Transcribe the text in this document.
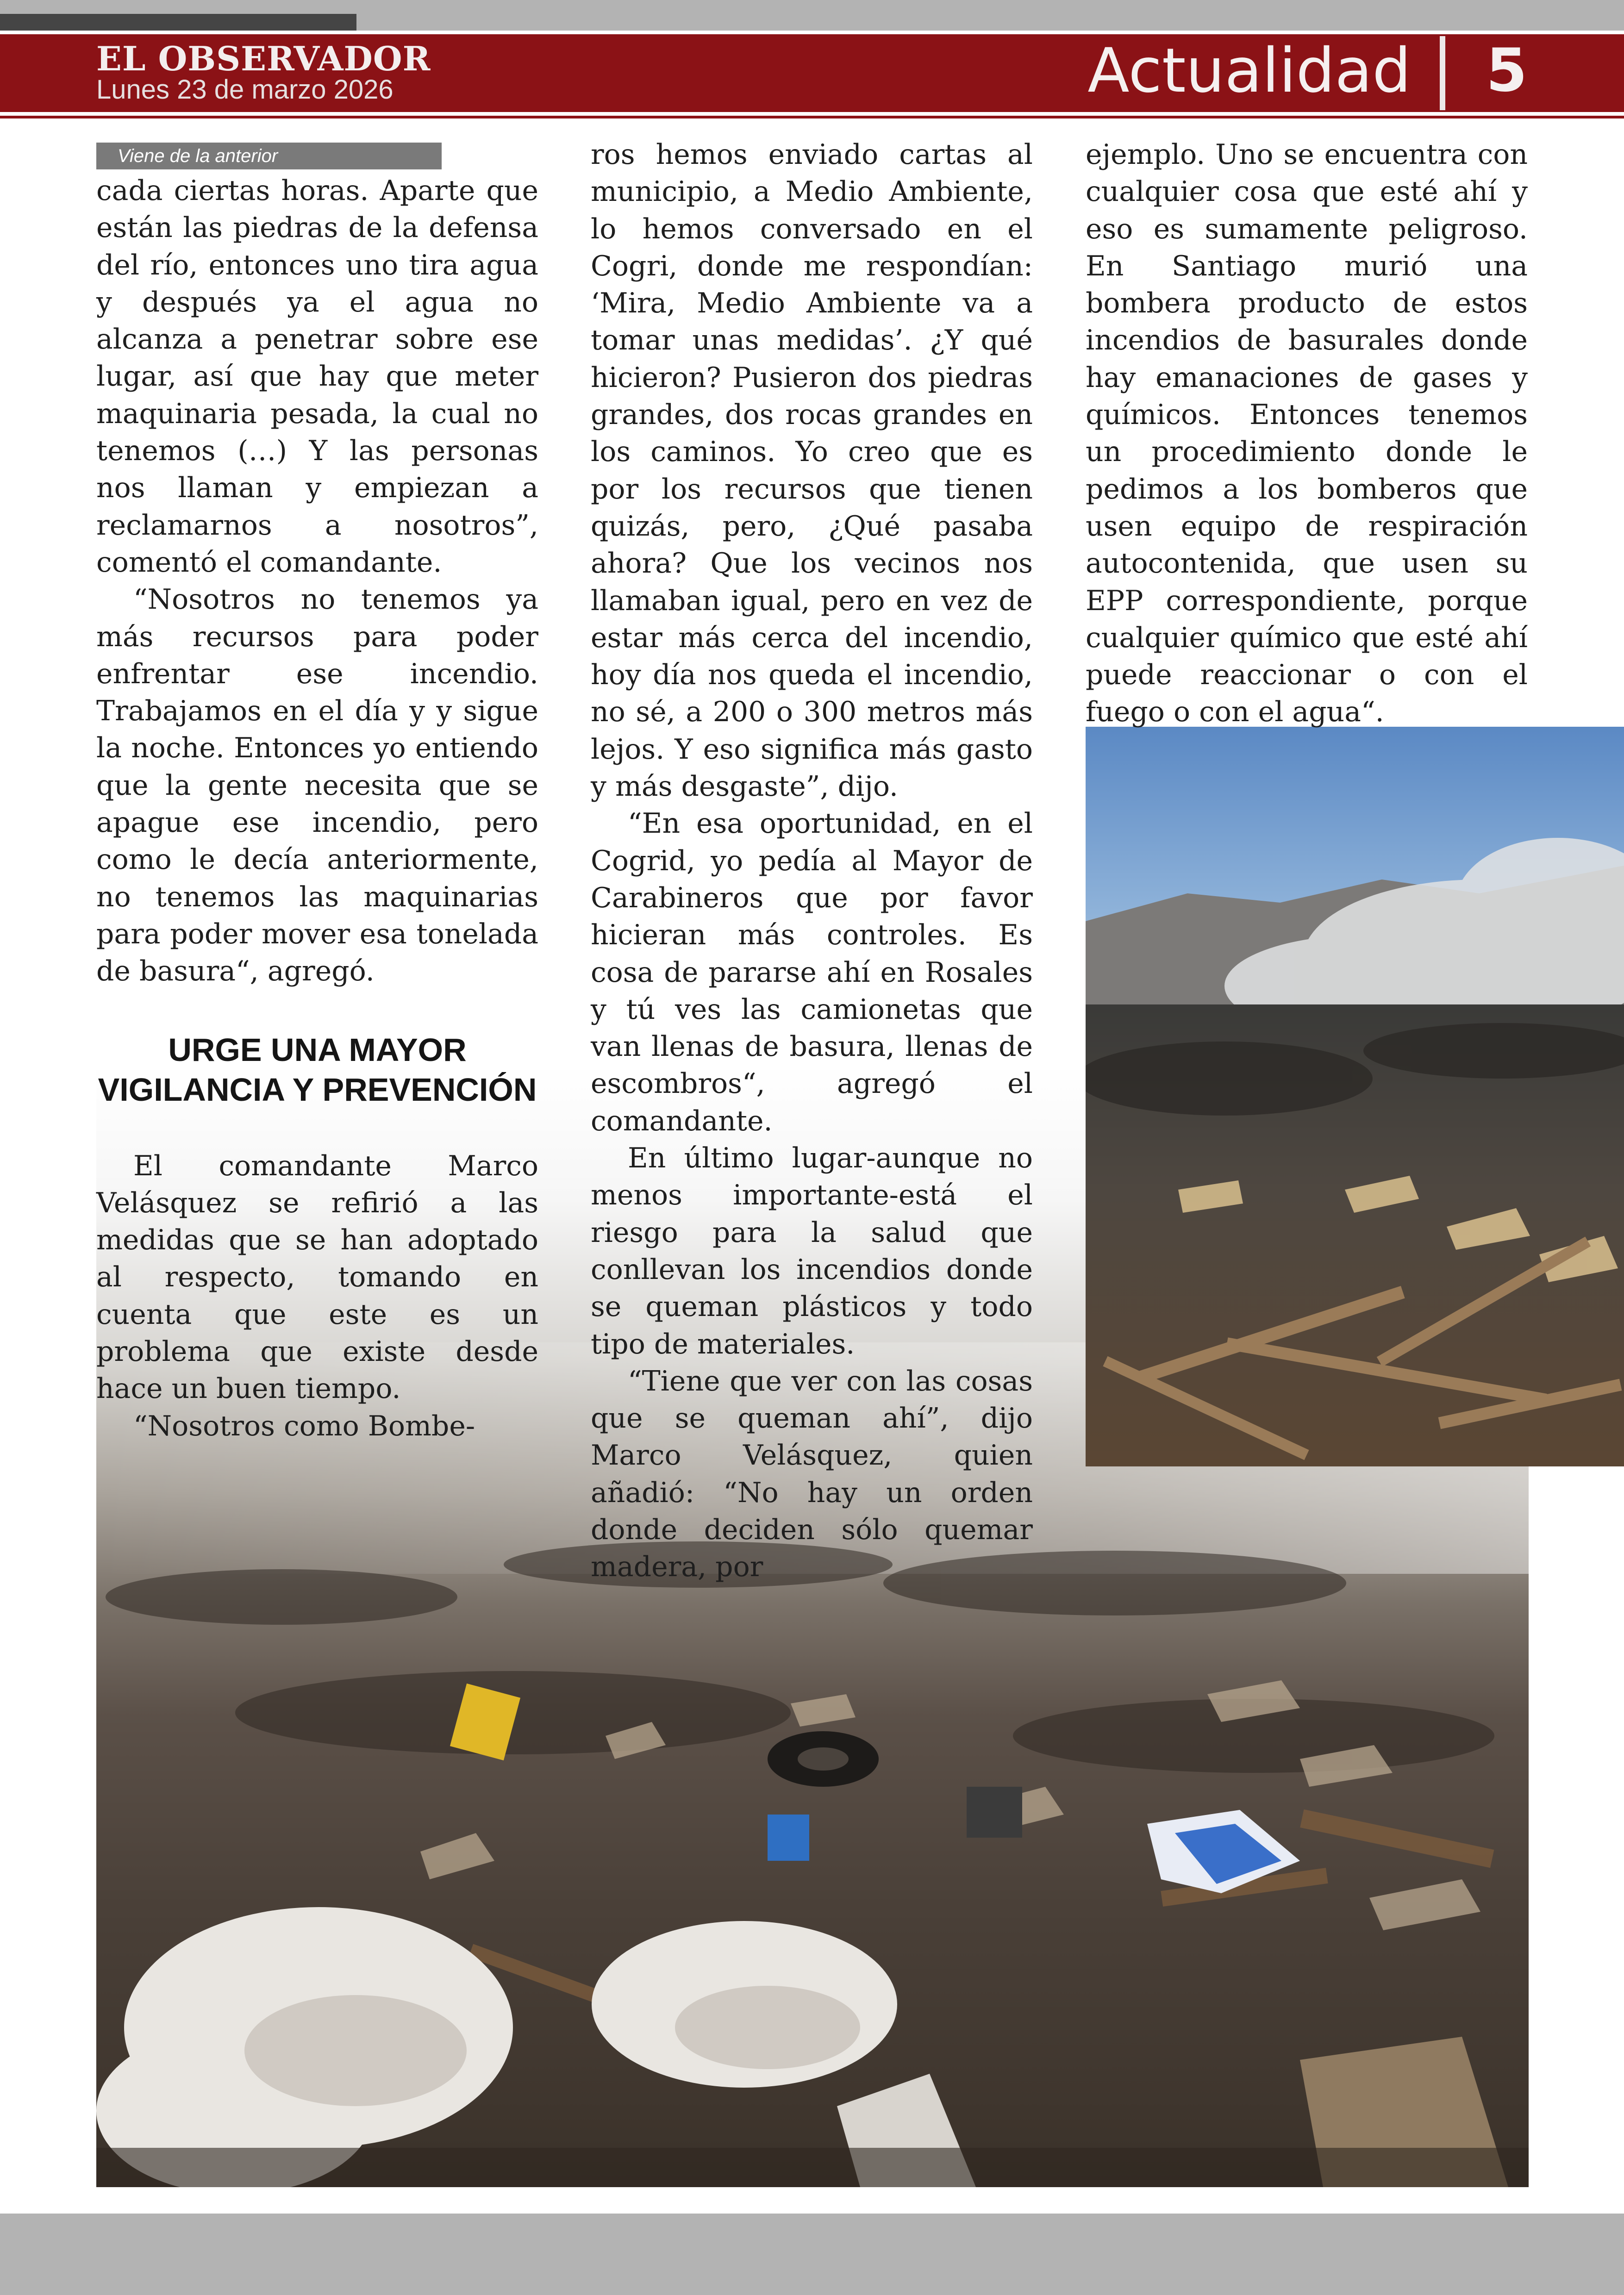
EL OBSERVADOR
Lunes 23 de marzo 2026	Actualidad 5
Viene de la anterior

cada ciertas horas. Aparte que están las piedras de la defensa del río, entonces uno tira agua y después ya el agua no alcanza a penetrar sobre ese lugar, así que hay que meter maquinaria pesada, la cual no tenemos (…) Y las personas nos llaman y empiezan a reclamarnos a nosotros”, comentó el comandante.

“Nosotros no tenemos ya más recursos para poder enfrentar ese incendio. Trabajamos en el día y y sigue la noche. Entonces yo entiendo que la gente necesita que se apague ese incendio, pero como le decía anteriormente, no tenemos las maquinarias para poder mover esa tonelada de basura“, agregó.

URGE UNA MAYOR VIGILANCIA Y PREVENCIÓN

El comandante Marco Velásquez se refirió a las medidas que se han adoptado al respecto, tomando en cuenta que este es un problema que existe desde hace un buen tiempo.

“Nosotros como Bombe-

ros hemos enviado cartas al municipio, a Medio Ambiente, lo hemos conversado en el Cogri, donde me respondían: ‘Mira, Medio Ambiente va a tomar unas medidas’. ¿Y qué hicieron? Pusieron dos piedras grandes, dos rocas grandes en los caminos. Yo creo que es por los recursos que tienen quizás, pero, ¿Qué pasaba ahora? Que los vecinos nos llamaban igual, pero en vez de estar más cerca del incendio, hoy día nos queda el incendio, no sé, a 200 o 300 metros más lejos. Y eso significa más gasto y más desgaste”, dijo.

“En esa oportunidad, en el Cogrid, yo pedía al Mayor de Carabineros que por favor hicieran más controles. Es cosa de pararse ahí en Rosales y tú ves las camionetas que van llenas de basura, llenas de escombros“, agregó el comandante.

En último lugar-aunque no menos importante-está el riesgo para la salud que conllevan los incendios donde se queman plásticos y todo tipo de materiales.

“Tiene que ver con las cosas que se queman ahí”, dijo Marco Velásquez, quien añadió: “No hay un orden donde deciden sólo quemar madera, por

ejemplo. Uno se encuentra con cualquier cosa que esté ahí y eso es sumamente peligroso. En Santiago murió una bombera producto de estos incendios de basurales donde hay emanaciones de gases y químicos. Entonces tenemos un procedimiento donde le pedimos a los bomberos que usen equipo de respiración autocontenida, que usen su EPP correspondiente, porque cualquier químico que esté ahí puede reaccionar o con el fuego o con el agua“.
